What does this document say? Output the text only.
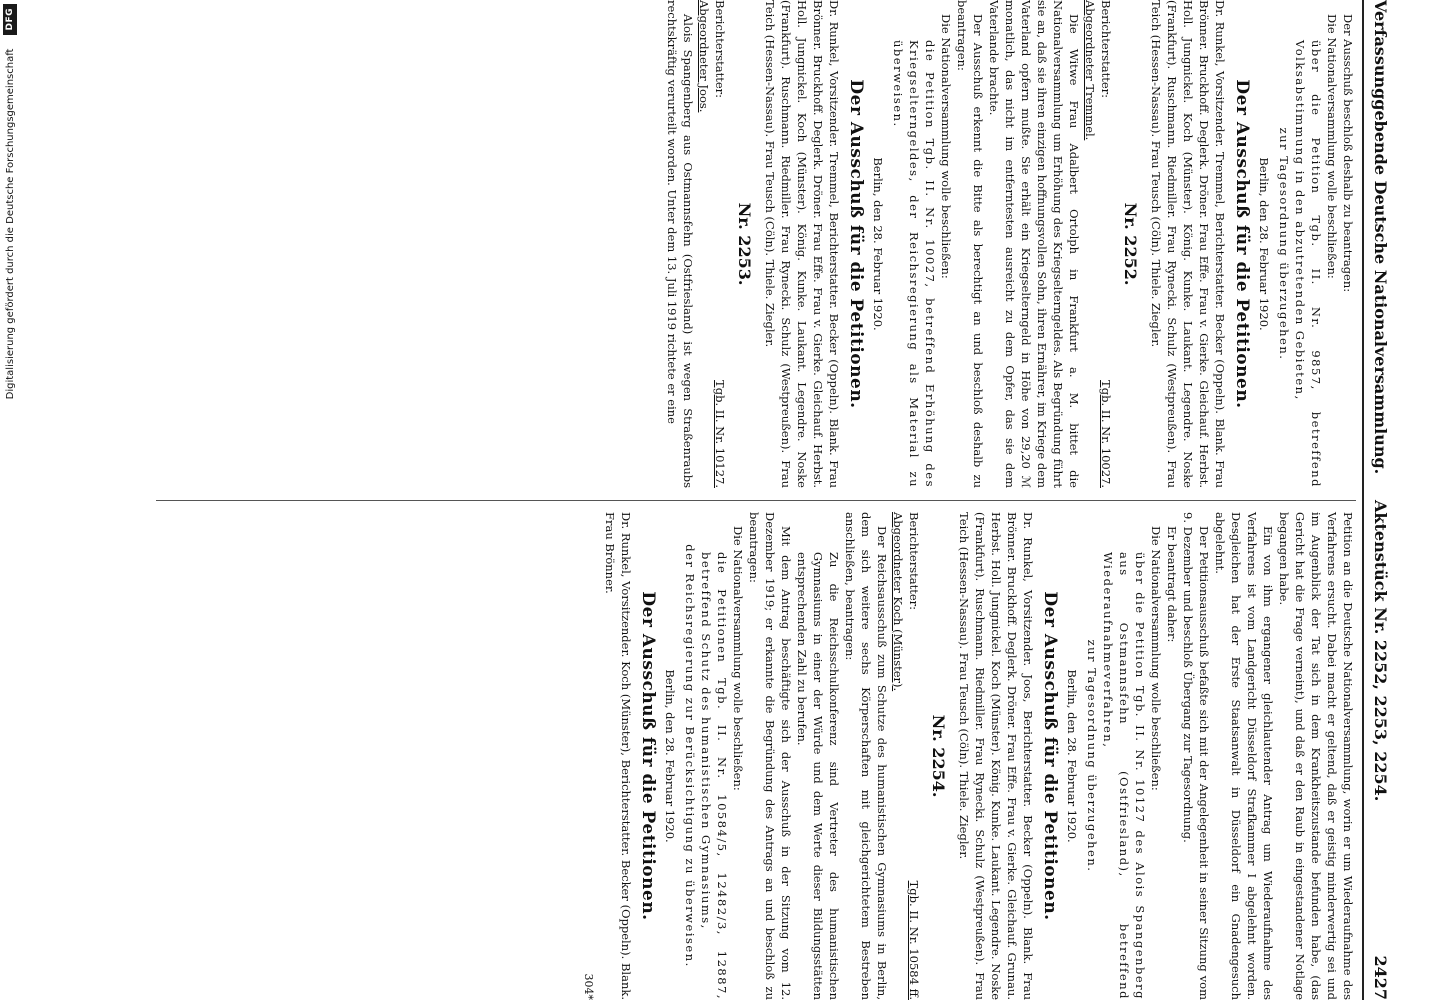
Digitalisierung gefördert durch die Deutsche Forschungsgemeinschaft
DFG	Verfassunggebende Deutsche Nationalversammlung.
Aktenstück Nr. 2252, 2253, 2254.
2427

Der Ausschuß beschloß deshalb zu beantragen:

Die Nationalversammlung wolle beschließen:

über die Petition Tgb. II. Nr. 9857, betreffend Volksabstimmung in den abzutretenden Gebieten,

zur Tagesordnung überzugehen.

Berlin, den 28. Februar 1920.

Der Ausschuß für die Petitionen.

Dr. Runkel, Vorsitzender. Tremmel, Berichterstatter. Becker (Oppeln). Blank. Frau Brönner. Bruckhoff. Deglerk. Dröner. Frau Effe. Frau v. Gierke. Gleichauf. Herbst. Holl. Jungnickel. Koch (Münster). König. Kunke. Laukant. Legendre. Noske (Frankfurt). Ruschmann. Riedmiller. Frau Rynecki. Schulz (Westpreußen). Frau Teich (Hessen-Nassau). Frau Teusch (Cöln). Thiele. Ziegler.

Nr. 2252.

Berichterstatter:
Abgeordneter Tremmel.
Tgb. II. Nr. 10027.

Die Witwe Frau Adalbert Ortolph in Frankfurt a. M. bittet die Nationalversammlung um Erhöhung des Kriegselterngeldes. Als Begründung führt sie an, daß sie ihren einzigen hoffnungsvollen Sohn, ihren Ernährer, im Kriege dem Vaterland opfern mußte. Sie erhält ein Kriegselterngeld in Höhe von 29,20 ℳ monatlich, das nicht im entferntesten ausreicht zu dem Opfer, das sie dem Vaterlande brachte.

Der Ausschuß erkennt die Bitte als berechtigt an und beschloß deshalb zu beantragen:

Die Nationalversammlung wolle beschließen:

die Petition Tgb. II. Nr. 10027, betreffend Erhöhung des Kriegselterngeldes, der Reichsregierung als Material zu überweisen.

Berlin, den 28. Februar 1920.

Der Ausschuß für die Petitionen.

Dr. Runkel, Vorsitzender. Tremmel, Berichterstatter. Becker (Oppeln). Blank. Frau Brönner. Bruckhoff. Deglerk. Dröner. Frau Effe. Frau v. Gierke. Gleichauf. Herbst. Holl. Jungnickel. Koch (Münster). König. Kunke. Laukant. Legendre. Noske (Frankfurt). Ruschmann. Riedmiller. Frau Rynecki. Schulz (Westpreußen). Frau Teich (Hessen-Nassau). Frau Teusch (Cöln). Thiele. Ziegler.

Nr. 2253.

Berichterstatter:
Abgeordneter Joos.
Tgb. II. Nr. 10127.

Alois Spangenberg aus Ostmannsfehn (Ostfriesland) ist wegen Straßenraubs rechtskräftig verurteilt worden. Unter dem 13. Juli 1919 richtete er eine

Petition an die Deutsche Nationalversammlung, worin er um Wiederaufnahme des Verfahrens ersucht. Dabei macht er geltend, daß er geistig minderwertig sei und im Augenblick der Tat sich in dem Krankheitszustande befunden habe, (das Gericht hat die Frage verneint), und daß er den Raub in eingestandener Notlage begangen habe.

Ein von ihm ergangener gleichlautender Antrag um Wiederaufnahme des Verfahrens ist vom Landgericht Düsseldorf Strafkammer I abgelehnt worden. Desgleichen hat der Erste Staatsanwalt in Düsseldorf ein Gnadengesuch abgelehnt.

Der Petitionsausschuß befaßte sich mit der Angelegenheit in seiner Sitzung vom 9. Dezember und beschloß Übergang zur Tagesordnung.

Er beantragt daher:

Die Nationalversammlung wolle beschließen:

über die Petition Tgb. II. Nr. 10127 des Alois Spangenberg aus Ostmannsfehn (Ostfriesland), betreffend Wiederaufnahmeverfahren,

zur Tagesordnung überzugehen.

Berlin, den 28. Februar 1920.

Der Ausschuß für die Petitionen.

Dr. Runkel, Vorsitzender. Joos, Berichterstatter. Becker (Oppeln). Blank. Frau Brönner. Bruckhoff. Deglerk. Dröner. Frau Effe. Frau v. Gierke. Gleichauf. Grunau. Herbst. Holl. Jungnickel. Koch (Münster). König. Kunke. Laukant. Legendre. Noske (Frankfurt). Ruschmann. Riedmiller. Frau Rynecki. Schulz (Westpreußen). Frau Teich (Hessen-Nassau). Frau Teusch (Cöln). Thiele. Ziegler.

Nr. 2254.

Berichterstatter:
Abgeordneter Koch (Münster).
Tgb. II. Nr. 10584 ff.

Der Reichsausschuß zum Schutze des humanistischen Gymnasiums in Berlin, dem sich weitere sechs Körperschaften mit gleichgerichtetem Bestreben anschließen, beantragen:

Zu die Reichsschulkonferenz sind Vertreter des humanistischen Gymnasiums in einer der Würde und dem Werte dieser Bildungsstätten entsprechenden Zahl zu berufen.

Mit dem Antrag beschäftigte sich der Ausschuß in der Sitzung vom 12. Dezember 1919; er erkannte die Begründung des Antrags an und beschloß zu beantragen:

Die Nationalversammlung wolle beschließen:

die Petitionen Tgb. II. Nr. 10584/5, 12482/3, 12887, betreffend Schutz des humanistischen Gymnasiums,

der Reichsregierung zur Berücksichtigung zu überweisen.

Berlin, den 28. Februar 1920.

Der Ausschuß für die Petitionen.

Dr. Runkel, Vorsitzender. Koch (Münster), Berichterstatter. Becker (Oppeln). Blank. Frau Brönner.

304*
